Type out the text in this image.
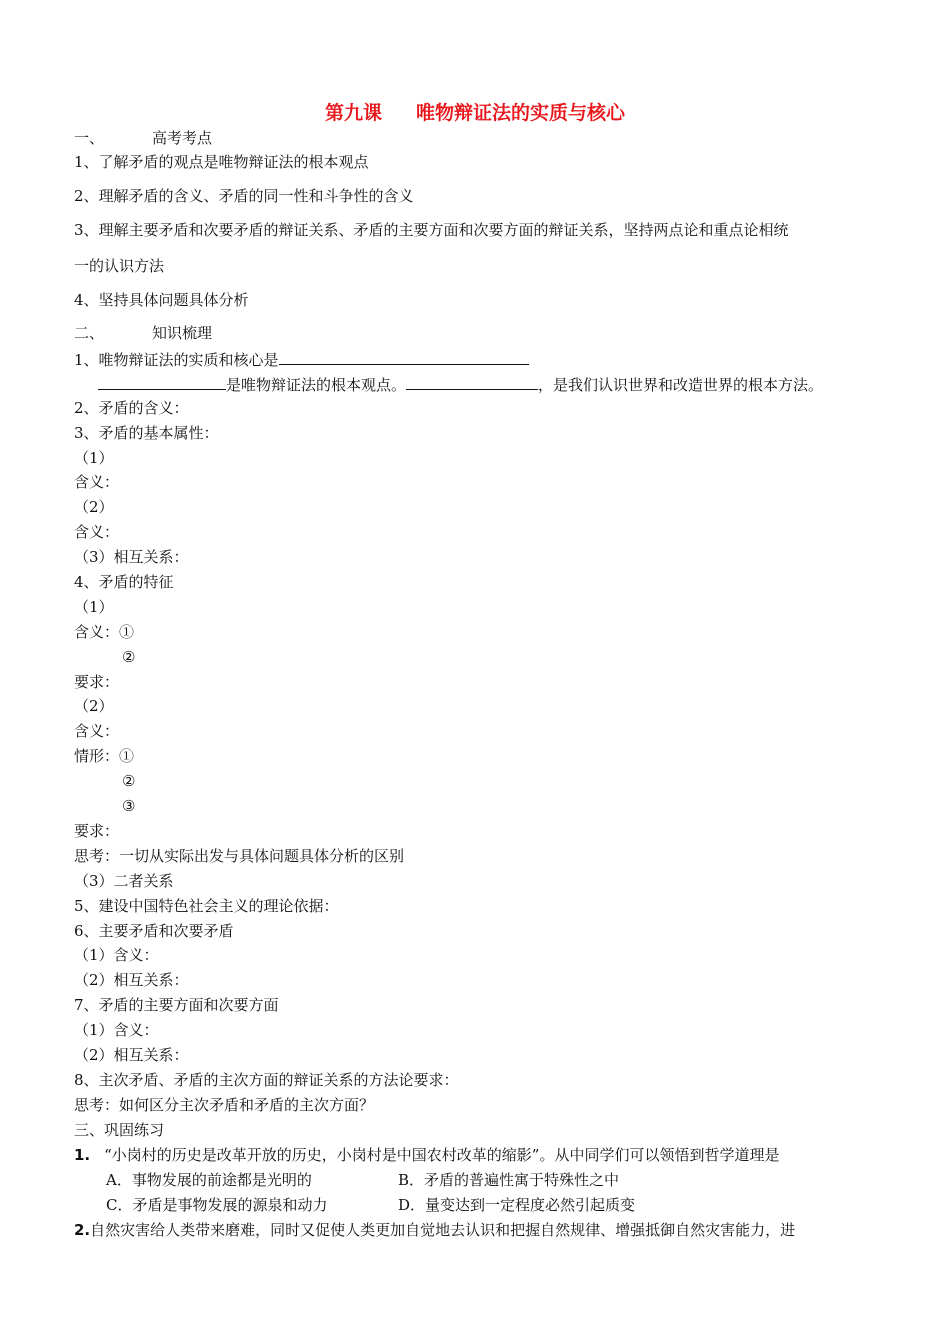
第九课 唯物辩证法的实质与核心
一、	高考考点
1、了解矛盾的观点是唯物辩证法的根本观点
2、理解矛盾的含义、矛盾的同一性和斗争性的含义
3、理解主要矛盾和次要矛盾的辩证关系、矛盾的主要方面和次要方面的辩证关系，坚持两点论和重点论相统
一的认识方法
4、坚持具体问题具体分析
二、	知识梳理
1、唯物辩证法的实质和核心是
是唯物辩证法的根本观点。	，是我们认识世界和改造世界的根本方法。
2、矛盾的含义：
3、矛盾的基本属性：
（1）
含义：
（2）
含义：
（3）相互关系：
4、矛盾的特征
（1）
含义：①
②
要求：
（2）
含义：
情形：①
②
③
要求：
思考：一切从实际出发与具体问题具体分析的区别
（3）二者关系
5、建设中国特色社会主义的理论依据：
6、主要矛盾和次要矛盾
（1）含义：
（2）相互关系：
7、矛盾的主要方面和次要方面
（1）含义：
（2）相互关系：
8、主次矛盾、矛盾的主次方面的辩证关系的方法论要求：
思考：如何区分主次矛盾和矛盾的主次方面？
三、巩固练习
1. “小岗村的历史是改革开放的历史，小岗村是中国农村改革的缩影”。从中同学们可以领悟到哲学道理是
A．事物发展的前途都是光明的	B．矛盾的普遍性寓于特殊性之中
C．矛盾是事物发展的源泉和动力	D．量变达到一定程度必然引起质变
2.自然灾害给人类带来磨难，同时又促使人类更加自觉地去认识和把握自然规律、增强抵御自然灾害能力，进
